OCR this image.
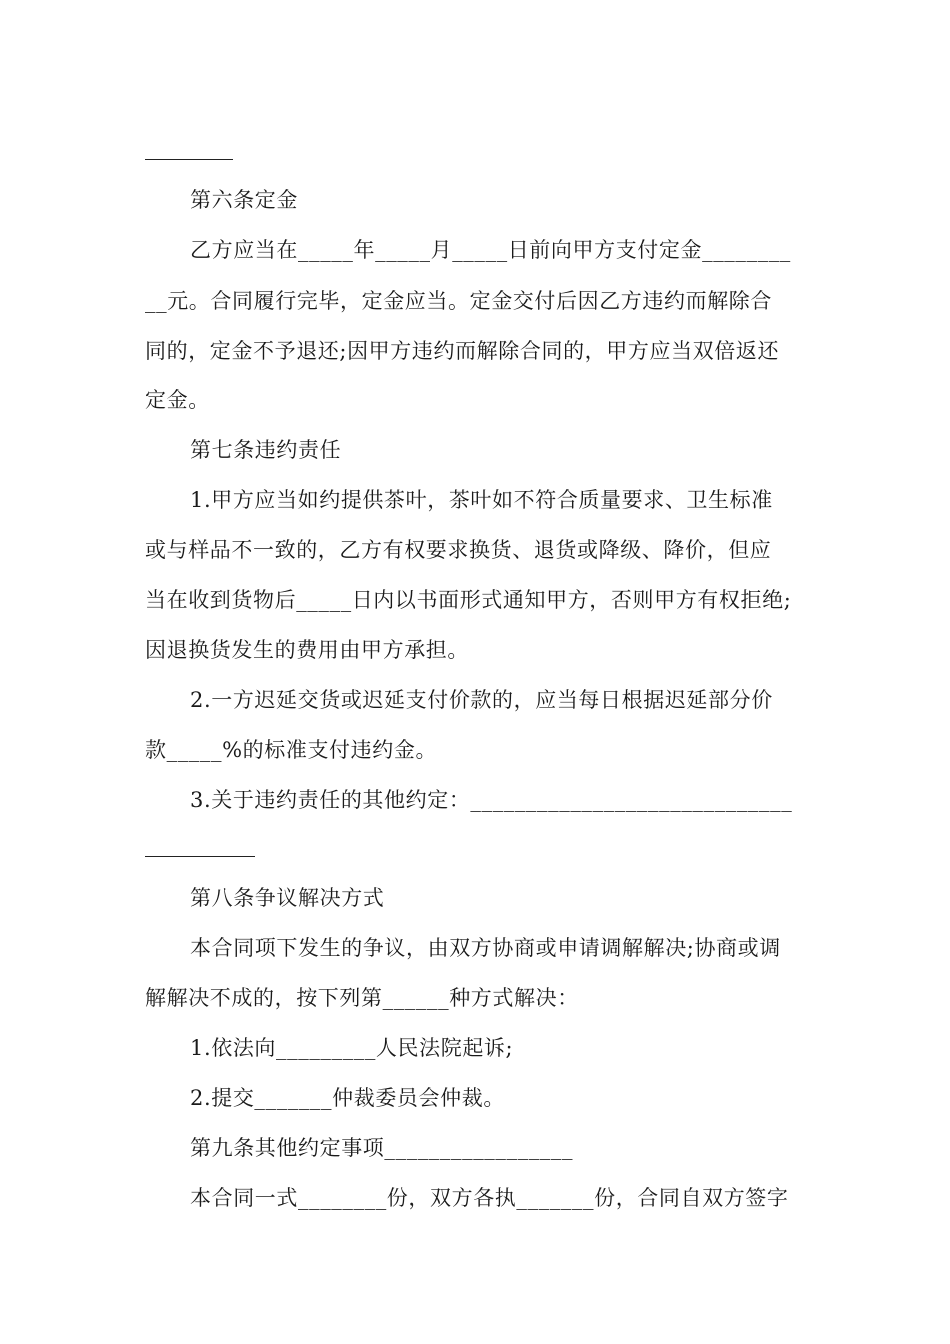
第六条定金
乙方应当在_____年_____月_____日前向甲方支付定金________
__元。合同履行完毕，定金应当。定金交付后因乙方违约而解除合
同的，定金不予退还;因甲方违约而解除合同的，甲方应当双倍返还
定金。
第七条违约责任
1.甲方应当如约提供茶叶，茶叶如不符合质量要求、卫生标准
或与样品不一致的，乙方有权要求换货、退货或降级、降价，但应
当在收到货物后_____日内以书面形式通知甲方，否则甲方有权拒绝;
因退换货发生的费用由甲方承担。
2.一方迟延交货或迟延支付价款的，应当每日根据迟延部分价
款_____%的标准支付违约金。
3.关于违约责任的其他约定：_____________________________
第八条争议解决方式
本合同项下发生的争议，由双方协商或申请调解解决;协商或调
解解决不成的，按下列第______种方式解决：
1.依法向_________人民法院起诉;
2.提交_______仲裁委员会仲裁。
第九条其他约定事项_________________
本合同一式________份，双方各执_______份，合同自双方签字
